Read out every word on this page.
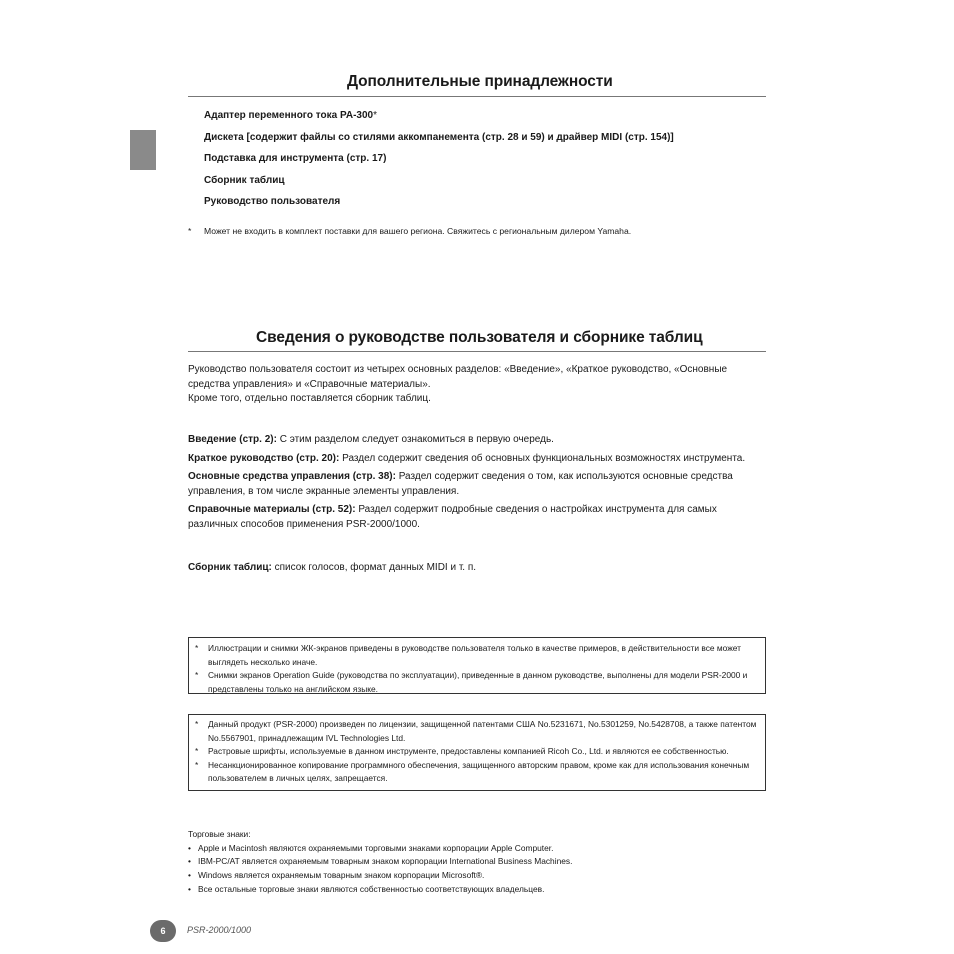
Дополнительные принадлежности
Адаптер переменного тока PA-300*
Дискета [содержит файлы со стилями аккомпанемента (стр. 28 и 59) и драйвер MIDI (стр. 154)]
Подставка для инструмента (стр. 17)
Сборник таблиц
Руководство пользователя
* Может не входить в комплект поставки для вашего региона. Свяжитесь с региональным дилером Yamaha.
Сведения о руководстве пользователя и сборнике таблиц

Руководство пользователя состоит из четырех основных разделов: «Введение», «Краткое руководство, «Основные средства управления» и «Справочные материалы».

Кроме того, отдельно поставляется сборник таблиц.

Введение (стр. 2): С этим разделом следует ознакомиться в первую очередь.

Краткое руководство (стр. 20): Раздел содержит сведения об основных функциональных возможностях инструмента.

Основные средства управления (стр. 38): Раздел содержит сведения о том, как используются основные средства управления, в том числе экранные элементы управления.

Справочные материалы (стр. 52): Раздел содержит подробные сведения о настройках инструмента для самых различных способов применения PSR-2000/1000.

Сборник таблиц: список голосов, формат данных MIDI и т. п.
* Иллюстрации и снимки ЖК-экранов приведены в руководстве пользователя только в качестве примеров, в действительности все может выглядеть несколько иначе.
* Снимки экранов Operation Guide (руководства по эксплуатации), приведенные в данном руководстве, выполнены для модели PSR-2000 и представлены только на английском языке.
* Данный продукт (PSR-2000) произведен по лицензии, защищенной патентами США No.5231671, No.5301259, No.5428708, а также патентом No.5567901, принадлежащим IVL Technologies Ltd.
* Растровые шрифты, используемые в данном инструменте, предоставлены компанией Ricoh Co., Ltd. и являются ее собственностью.
* Несанкционированное копирование программного обеспечения, защищенного авторским правом, кроме как для использования конечным пользователем в личных целях, запрещается.
Торговые знаки:
• Apple и Macintosh являются охраняемыми торговыми знаками корпорации Apple Computer.
• IBM-PC/AT является охраняемым товарным знаком корпорации International Business Machines.
• Windows является охраняемым товарным знаком корпорации Microsoft®.
• Все остальные торговые знаки являются собственностью соответствующих владельцев.
6	PSR-2000/1000
